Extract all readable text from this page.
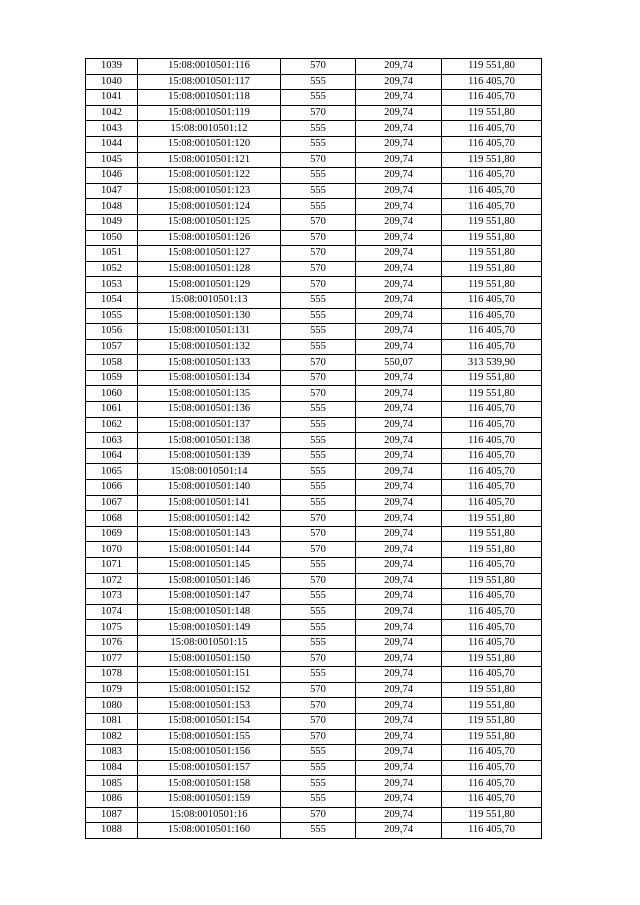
1039	15:08:0010501:116	570	209,74	119 551,80
1040	15:08:0010501:117	555	209,74	116 405,70
1041	15:08:0010501:118	555	209,74	116 405,70
1042	15:08:0010501:119	570	209,74	119 551,80
1043	15:08:0010501:12	555	209,74	116 405,70
1044	15:08:0010501:120	555	209,74	116 405,70
1045	15:08:0010501:121	570	209,74	119 551,80
1046	15:08:0010501:122	555	209,74	116 405,70
1047	15:08:0010501:123	555	209,74	116 405,70
1048	15:08:0010501:124	555	209,74	116 405,70
1049	15:08:0010501:125	570	209,74	119 551,80
1050	15:08:0010501:126	570	209,74	119 551,80
1051	15:08:0010501:127	570	209,74	119 551,80
1052	15:08:0010501:128	570	209,74	119 551,80
1053	15:08:0010501:129	570	209,74	119 551,80
1054	15:08:0010501:13	555	209,74	116 405,70
1055	15:08:0010501:130	555	209,74	116 405,70
1056	15:08:0010501:131	555	209,74	116 405,70
1057	15:08:0010501:132	555	209,74	116 405,70
1058	15:08:0010501:133	570	550,07	313 539,90
1059	15:08:0010501:134	570	209,74	119 551,80
1060	15:08:0010501:135	570	209,74	119 551,80
1061	15:08:0010501:136	555	209,74	116 405,70
1062	15:08:0010501:137	555	209,74	116 405,70
1063	15:08:0010501:138	555	209,74	116 405,70
1064	15:08:0010501:139	555	209,74	116 405,70
1065	15:08:0010501:14	555	209,74	116 405,70
1066	15:08:0010501:140	555	209,74	116 405,70
1067	15:08:0010501:141	555	209,74	116 405,70
1068	15:08:0010501:142	570	209,74	119 551,80
1069	15:08:0010501:143	570	209,74	119 551,80
1070	15:08:0010501:144	570	209,74	119 551,80
1071	15:08:0010501:145	555	209,74	116 405,70
1072	15:08:0010501:146	570	209,74	119 551,80
1073	15:08:0010501:147	555	209,74	116 405,70
1074	15:08:0010501:148	555	209,74	116 405,70
1075	15:08:0010501:149	555	209,74	116 405,70
1076	15:08:0010501:15	555	209,74	116 405,70
1077	15:08:0010501:150	570	209,74	119 551,80
1078	15:08:0010501:151	555	209,74	116 405,70
1079	15:08:0010501:152	570	209,74	119 551,80
1080	15:08:0010501:153	570	209,74	119 551,80
1081	15:08:0010501:154	570	209,74	119 551,80
1082	15:08:0010501:155	570	209,74	119 551,80
1083	15:08:0010501:156	555	209,74	116 405,70
1084	15:08:0010501:157	555	209,74	116 405,70
1085	15:08:0010501:158	555	209,74	116 405,70
1086	15:08:0010501:159	555	209,74	116 405,70
1087	15:08:0010501:16	570	209,74	119 551,80
1088	15:08:0010501:160	555	209,74	116 405,70
